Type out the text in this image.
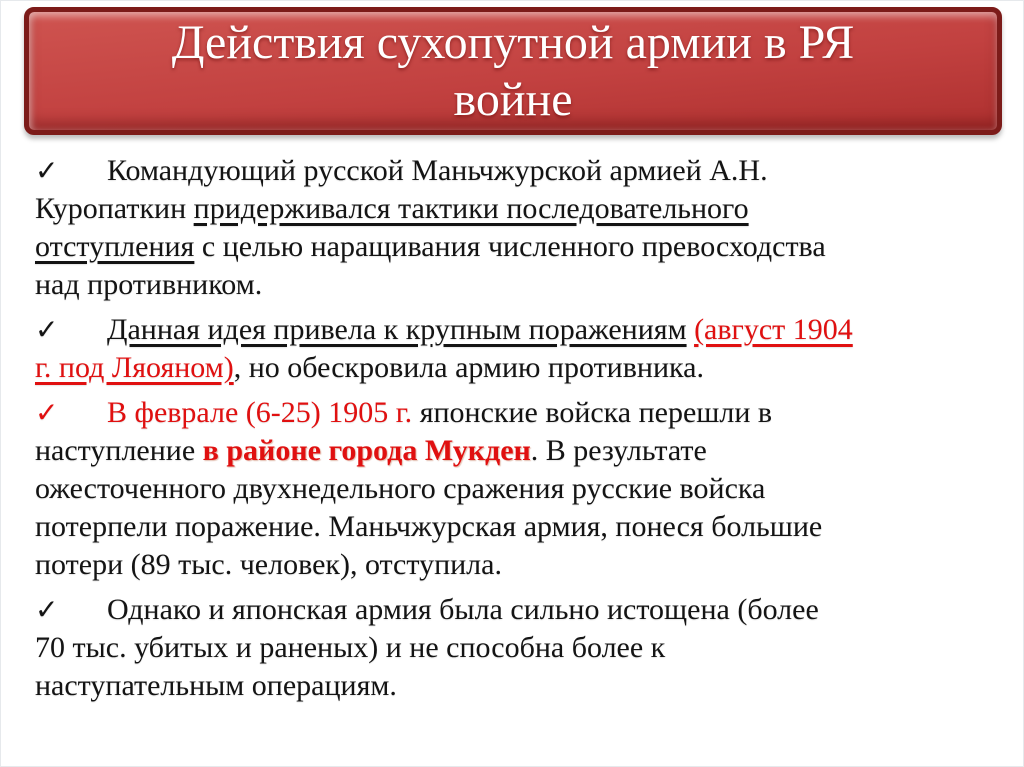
Действия сухопутной армии в РЯ
войне
✓ Командующий русской Маньчжурской армией А.Н.
Куропаткин придерживался тактики последовательного
отступления с целью наращивания численного превосходства
над противником.
✓ Данная идея привела к крупным поражениям (август 1904
г. под Ляояном), но обескровила армию противника.
✓ В феврале (6-25) 1905 г. японские войска перешли в
наступление в районе города Мукден. В результате
ожесточенного двухнедельного сражения русские войска
потерпели поражение. Маньчжурская армия, понеся большие
потери (89 тыс. человек), отступила.
✓ Однако и японская армия была сильно истощена (более
70 тыс. убитых и раненых) и не способна более к
наступательным операциям.
